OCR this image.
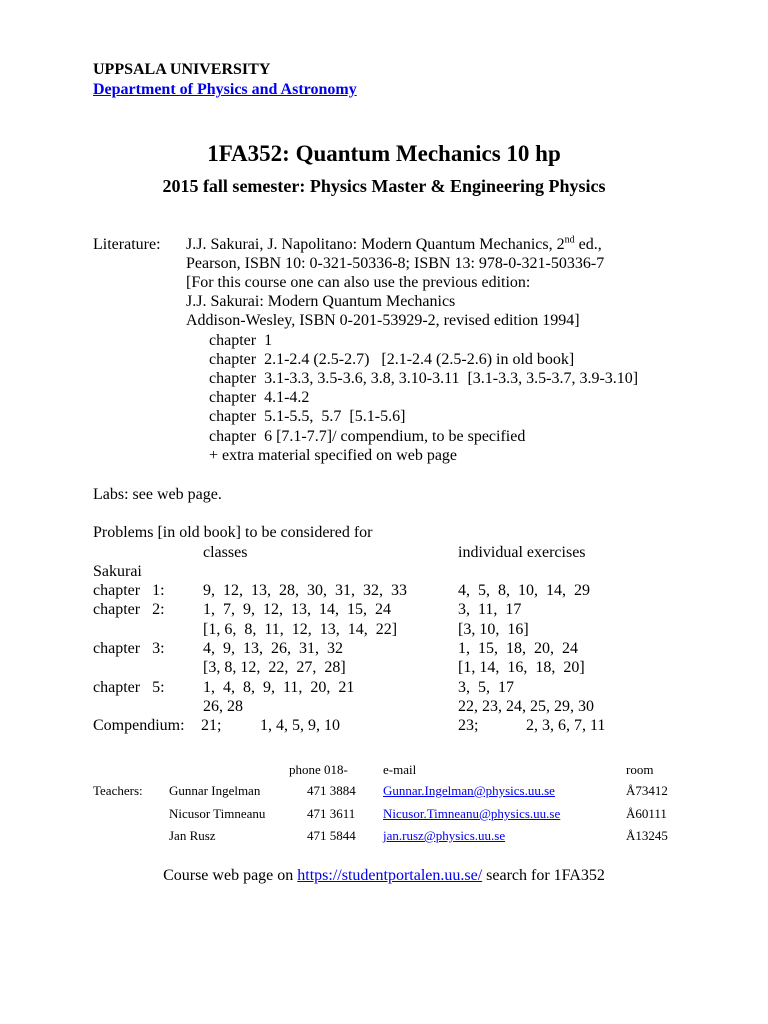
UPPSALA UNIVERSITY
Department of Physics and Astronomy
1FA352: Quantum Mechanics 10 hp
2015 fall semester: Physics Master & Engineering Physics
Literature: J.J. Sakurai, J. Napolitano: Modern Quantum Mechanics, 2nd ed.,
Pearson, ISBN 10: 0-321-50336-8; ISBN 13: 978-0-321-50336-7
[For this course one can also use the previous edition:
J.J. Sakurai: Modern Quantum Mechanics
Addison-Wesley, ISBN 0-201-53929-2, revised edition 1994]
chapter  1
chapter  2.1-2.4 (2.5-2.7)   [2.1-2.4 (2.5-2.6) in old book]
chapter  3.1-3.3, 3.5-3.6, 3.8, 3.10-3.11  [3.1-3.3, 3.5-3.7, 3.9-3.10]
chapter  4.1-4.2
chapter  5.1-5.5,  5.7  [5.1-5.6]
chapter  6 [7.1-7.7]/ compendium, to be specified
+ extra material specified on web page
Labs: see web page.
Problems [in old book] to be considered for
classes	individual exercises
Sakurai
chapter   1: 9,  12,  13,  28,  30,  31,  32,  33	4,  5,  8,  10,  14,  29
chapter   2: 1,  7,  9,  12,  13,  14,  15,  24	3,  11,  17
[1, 6,  8,  11,  12,  13,  14,  22]	[3, 10,  16]
chapter   3: 4,  9,  13,  26,  31,  32	1,  15,  18,  20,  24
[3, 8, 12,  22,  27,  28]	[1, 14,  16,  18,  20]
chapter   5: 1,  4,  8,  9,  11,  20,  21	3,  5,  17
26, 28	22, 23, 24, 25, 29, 30
Compendium: 21; 1, 4, 5, 9, 10	23;	2, 3, 6, 7, 11
phone 018-	e-mail	room
Teachers: Gunnar Ingelman	471 3884 Gunnar.Ingelman@physics.uu.se	Å73412
Nicusor Timneanu	471 3611 Nicusor.Timneanu@physics.uu.se	Å60111
Jan Rusz	471 5844 jan.rusz@physics.uu.se	Å13245
Course web page on https://studentportalen.uu.se/ search for 1FA352
